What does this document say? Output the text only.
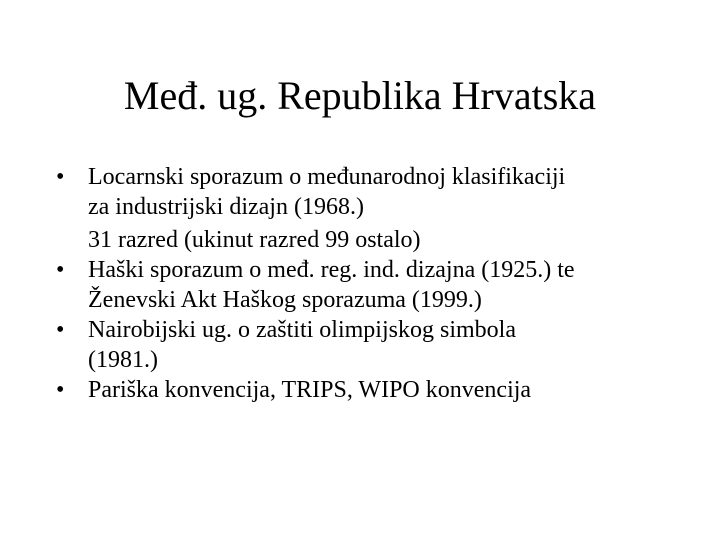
Međ. ug. Republika Hrvatska
• Locarnski sporazum o međunarodnoj klasifikaciji
za industrijski dizajn (1968.)
31 razred (ukinut razred 99 ostalo)
• Haški sporazum o međ. reg. ind. dizajna (1925.) te
Ženevski Akt Haškog sporazuma (1999.)
• Nairobijski ug. o zaštiti olimpijskog simbola
(1981.)
• Pariška konvencija, TRIPS, WIPO konvencija
